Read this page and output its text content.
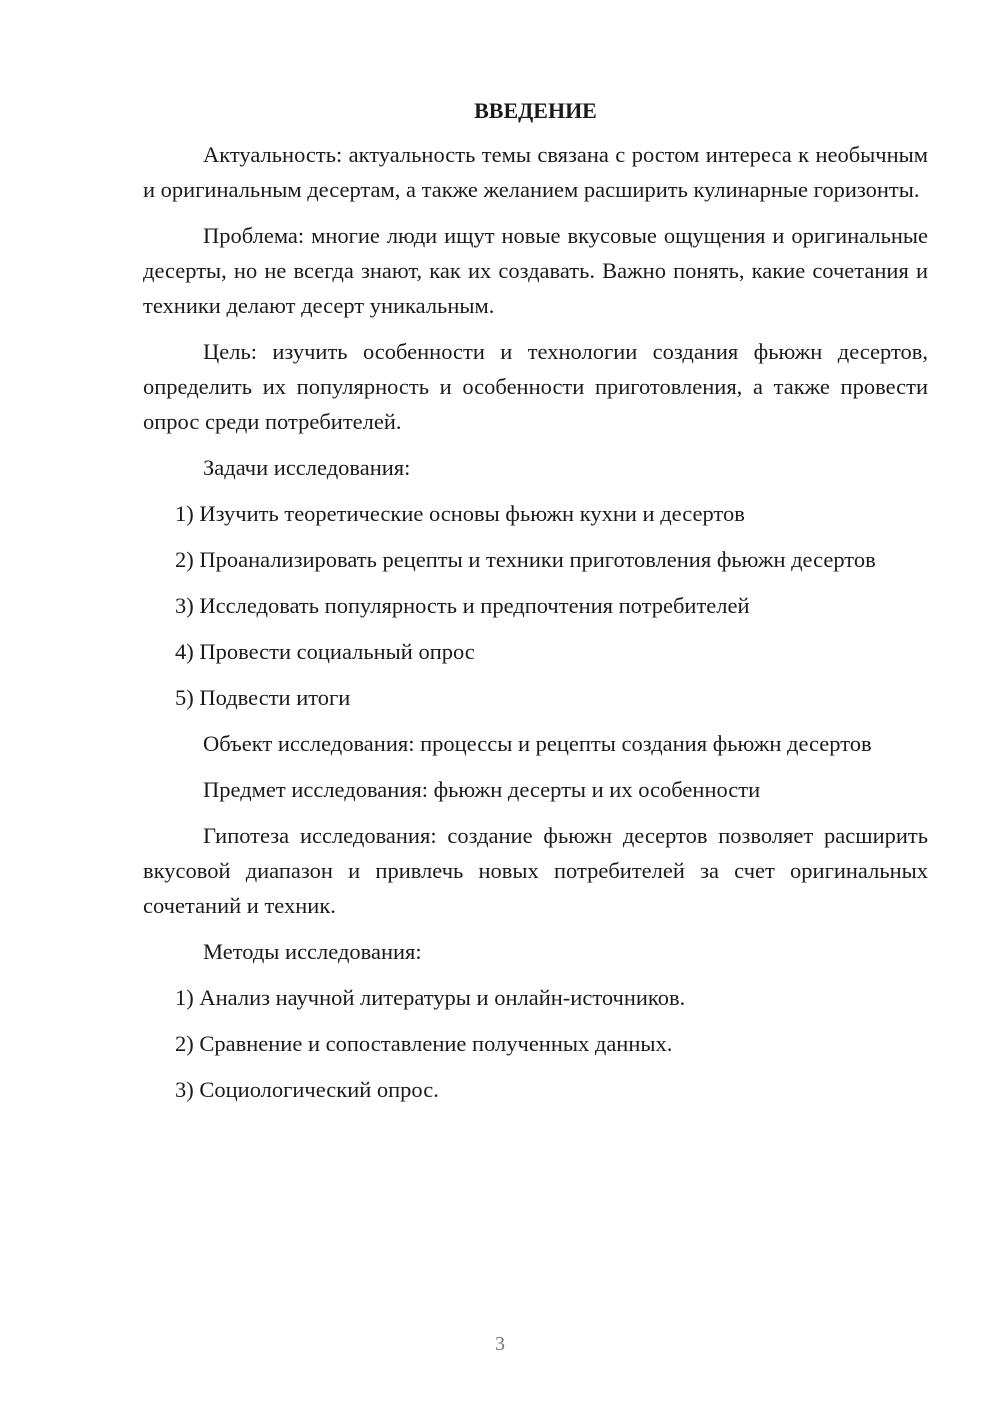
ВВЕДЕНИЕ

Актуальность: актуальность темы связана с ростом интереса к необычным и оригинальным десертам, а также желанием расширить кулинарные горизонты.

Проблема: многие люди ищут новые вкусовые ощущения и оригинальные десерты, но не всегда знают, как их создавать. Важно понять, какие сочетания и техники делают десерт уникальным.

Цель: изучить особенности и технологии создания фьюжн десертов, определить их популярность и особенности приготовления, а также провести опрос среди потребителей.

Задачи исследования:

1) Изучить теоретические основы фьюжн кухни и десертов

2) Проанализировать рецепты и техники приготовления фьюжн десертов

3) Исследовать популярность и предпочтения потребителей

4) Провести социальный опрос

5) Подвести итоги

Объект исследования: процессы и рецепты создания фьюжн десертов

Предмет исследования: фьюжн десерты и их особенности

Гипотеза исследования: создание фьюжн десертов позволяет расширить вкусовой диапазон и привлечь новых потребителей за счет оригинальных сочетаний и техник.

Методы исследования:

1) Анализ научной литературы и онлайн-источников.

2) Сравнение и сопоставление полученных данных.

3) Социологический опрос.

3
